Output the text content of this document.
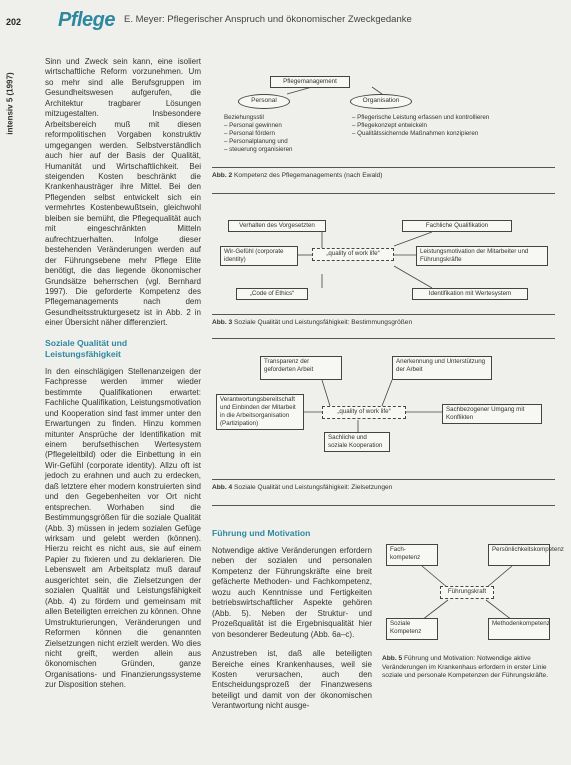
202 Pflege E. Meyer: Pflegerischer Anspruch und ökonomischer Zweckgedanke
intensiv 5 (1997)

Sinn und Zweck sein kann, eine isoliert wirtschaftliche Reform vorzunehmen. Um so mehr sind alle Berufsgruppen im Gesundheitswesen aufgerufen, die Architektur tragbarer Lösungen mitzugestalten. Insbesondere Arbeitsbereich muß mit diesen reformpolitischen Vorgaben konstruktiv umgegangen werden. Selbstverständlich auch hier auf der Basis der Qualität, Humanität und Wirtschaftlichkeit. Bei steigenden Kosten beschränkt die Krankenhausträger ihre Mittel. Bei den Pflegenden selbst entwickelt sich ein vermehrtes Kostenbewußtsein, gleichwohl bleiben sie bemüht, die Pflegequalität auch mit eingeschränkten Mitteln aufrechtzuerhalten. Infolge dieser bestehenden Veränderungen werden auf der Führungsebene mehr Pflege Elite benötigt, die das liegende ökonomischer Grundsätze beherrschen (vgl. Bernhard 1997). Die geforderte Kompetenz des Pflegemanagements nach dem Gesundheitsstrukturgesetz ist in Abb. 2 in einer Übersicht näher differenziert.

Soziale Qualität und Leistungsfähigkeit

In den einschlägigen Stellenanzeigen der Fachpresse werden immer wieder bestimmte Qualifikationen erwartet: Fachliche Qualifikation, Leistungsmotivation und Kooperation sind fast immer unter den Erwartungen zu finden. Hinzu kommen mitunter Ansprüche der Identifikation mit einem berufsethischen Wertesystem (Pflegeleitbild) oder die Einbettung in ein Wir-Gefühl (corporate identity). Allzu oft ist jedoch zu erahnen und auch zu erdecken, daß letztere eher modern konstruierten sind und den Gegebenheiten vor Ort nicht entsprechen. Worhaben sind die Bestimmungsgrößen für die soziale Qualität (Abb. 3) müssen in jedem sozialen Gefüge wirksam und gelebt werden (können). Hierzu reicht es nicht aus, sie auf einem Papier zu fixieren und zu deklarieren. Die Lebenswelt am Arbeitsplatz muß darauf ausgerichtet sein, die Zielsetzungen der sozialen Qualität und Leistungsfähigkeit (Abb. 4) zu fördern und gemeinsam mit allen Beteiligten erreichen zu können. Ohne Umstrukturierungen, Veränderungen und Reformen können die genannten Zielsetzungen nicht erzielt werden. Wo dies nicht greift, werden allein aus ökonomischen Gründen, ganze Organisations- und Finanzierungssysteme zur Disposition stehen.

Pflegemanagement
Personal	Organisation
Beziehungsstil
– Personal gewinnen
– Personal fördern
– Personalplanung und
– steuerung organisieren
– Pflegerische Leistung erfassen und kontrollieren
– Pflegekonzept entwickeln
– Qualitätssichernde Maßnahmen konzipieren
Abb. 2 Kompetenz des Pflegemanagements (nach Ewald)
Verhalten des Vorgesetzten	Fachliche Qualifikation
Wir-Gefühl (corporate identity)
„quality of work life“	Leistungsmotivation der Mitarbeiter und Führungskräfte
„Code of Ethics“	Identifikation mit Wertesystem
Abb. 3 Soziale Qualität und Leistungsfähigkeit: Bestimmungsgrößen
Transparenz der geforderten Arbeit
Anerkennung und Unterstützung der Arbeit
Verantwortungsbereitschaft und Einbinden der Mitarbeit in die Arbeitsorganisation (Partizipation)
„quality of work life“	Sachbezogener Umgang mit Konflikten
Sachliche und soziale Kooperation
Abb. 4 Soziale Qualität und Leistungsfähigkeit: Zielsetzungen

Führung und Motivation

Notwendige aktive Veränderungen erfordern neben der sozialen und personalen Kompetenz der Führungskräfte eine breit gefächerte Methoden- und Fachkompetenz, wozu auch Kenntnisse und Fertigkeiten betriebswirtschaftlicher Aspekte gehören (Abb. 5). Neben der Struktur- und Prozeßqualität ist die Ergebnisqualität hier von besonderer Bedeutung (Abb. 6a–c).

Anzustreben ist, daß alle beteiligten Bereiche eines Krankenhauses, weil sie Kosten verursachen, auch den Entscheidungsprozeß der Finanzwesens beteiligt und damit von der ökonomischen Verantwortung nicht ausge-

Fach-kompetenz
Persönlichkeitskompetenz
Führungskraft
Soziale Kompetenz
Methodenkompetenz
Abb. 5 Führung und Motivation: Notwendige aktive Veränderungen im Krankenhaus erfordern in erster Linie soziale und personale Kompetenzen der Führungskräfte.
